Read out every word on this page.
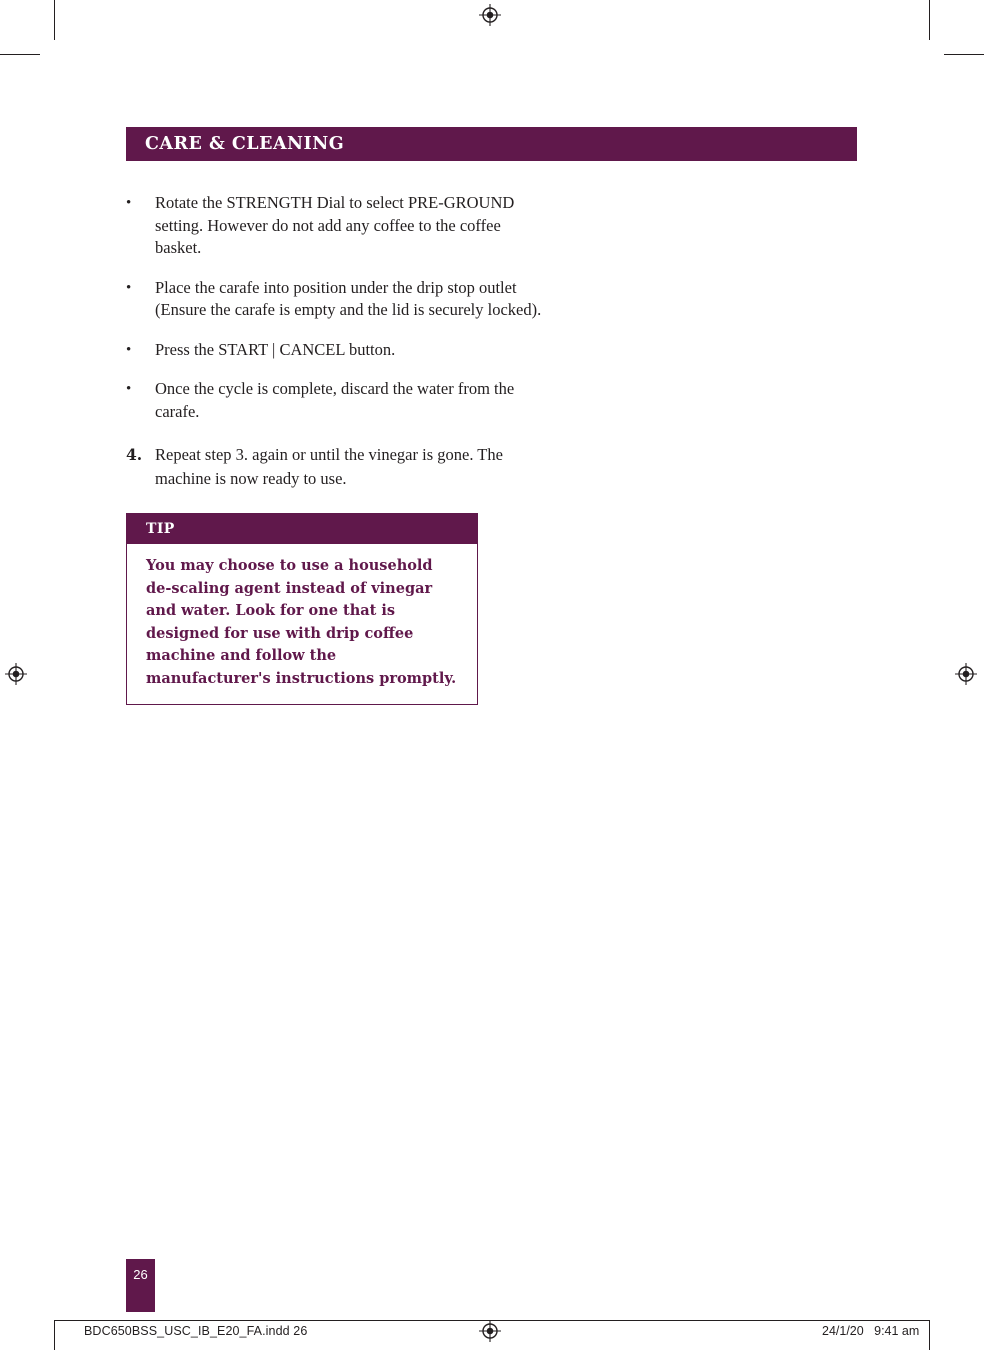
CARE & CLEANING
• Rotate the STRENGTH Dial to select PRE-GROUND setting. However do not add any coffee to the coffee basket.
• Place the carafe into position under the drip stop outlet (Ensure the carafe is empty and the lid is securely locked).
• Press the START | CANCEL button.
• Once the cycle is complete, discard the water from the carafe.
4. Repeat step 3. again or until the vinegar is gone. The machine is now ready to use.
TIP
You may choose to use a household de-scaling agent instead of vinegar and water. Look for one that is designed for use with drip coffee machine and follow the manufacturer's instructions promptly.
26
BDC650BSS_USC_IB_E20_FA.indd 26	24/1/20   9:41 am
